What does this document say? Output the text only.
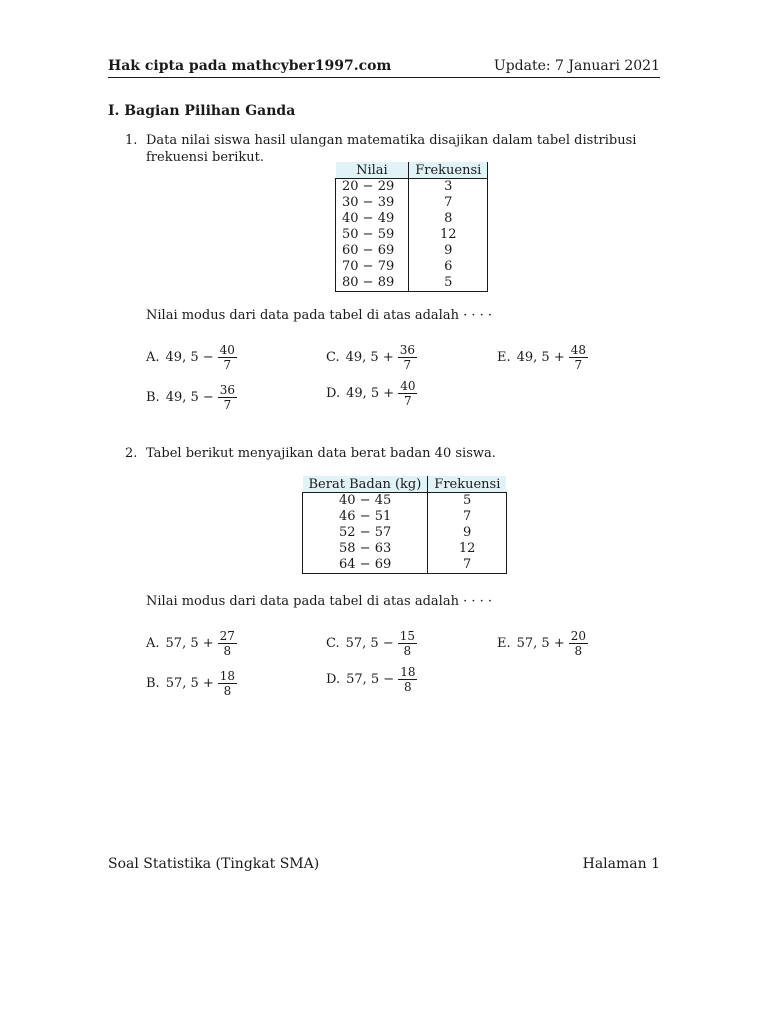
Hak cipta pada mathcyber1997.com	Update: 7 Januari 2021
I. Bagian Pilihan Ganda
1. Data nilai siswa hasil ulangan matematika disajikan dalam tabel distribusi frekuensi berikut.
Nilai	Frekuensi
20 − 29	3
30 − 39	7
40 − 49	8
50 − 59	12
60 − 69	9
70 − 79	6
80 − 89	5
Nilai modus dari data pada tabel di atas adalah · · · ·
A. 49, $5 - \frac{40}{7}$
B. 49, $5 - \frac{36}{7}$
C. 49, $5 + \frac{36}{7}$
D. 49, $5 + \frac{40}{7}$
E. 49, $5 + \frac{48}{7}$
2. Tabel berikut menyajikan data berat badan 40 siswa.
Berat Badan (kg)	Frekuensi
40 − 45	5
46 − 51	7
52 − 57	9
58 − 63	12
64 − 69	7
Nilai modus dari data pada tabel di atas adalah · · · ·
A. 57, $5 + \frac{27}{8}$
B. 57, $5 + \frac{18}{8}$
C. 57, $5 - \frac{15}{8}$
D. 57, $5 - \frac{18}{8}$
E. 57, $5 + \frac{20}{8}$
Soal Statistika (Tingkat SMA)	Halaman 1
